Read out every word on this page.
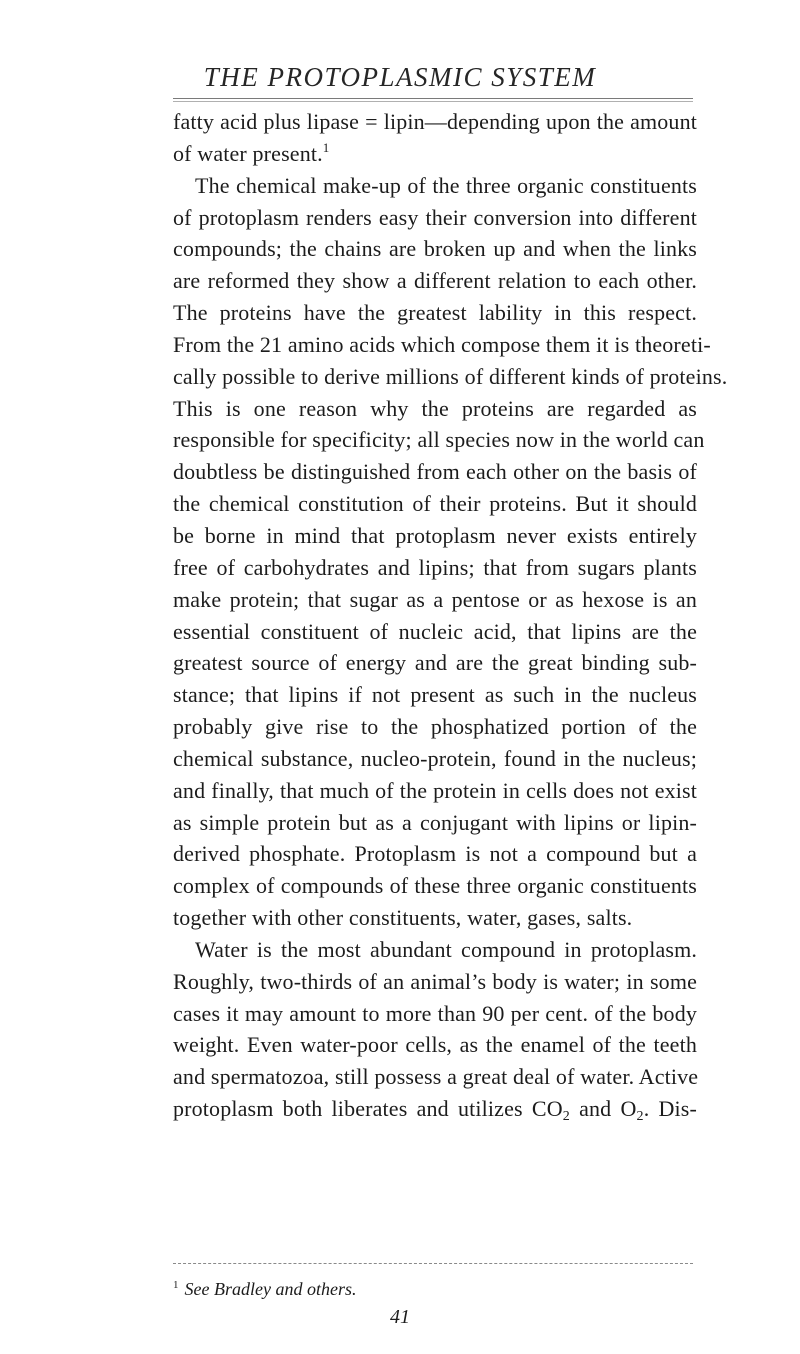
THE PROTOPLASMIC SYSTEM
fatty acid plus lipase = lipin—depending upon the amount
of water present.$^1$
The chemical make-up of the three organic constituents
of protoplasm renders easy their conversion into different
compounds; the chains are broken up and when the links
are reformed they show a different relation to each other.
The proteins have the greatest lability in this respect.
From the 21 amino acids which compose them it is theoreti-
cally possible to derive millions of different kinds of proteins.
This is one reason why the proteins are regarded as
responsible for specificity; all species now in the world can
doubtless be distinguished from each other on the basis of
the chemical constitution of their proteins. But it should
be borne in mind that protoplasm never exists entirely
free of carbohydrates and lipins; that from sugars plants
make protein; that sugar as a pentose or as hexose is an
essential constituent of nucleic acid, that lipins are the
greatest source of energy and are the great binding sub-
stance; that lipins if not present as such in the nucleus
probably give rise to the phosphatized portion of the
chemical substance, nucleo-protein, found in the nucleus;
and finally, that much of the protein in cells does not exist
as simple protein but as a conjugant with lipins or lipin-
derived phosphate. Protoplasm is not a compound but a
complex of compounds of these three organic constituents
together with other constituents, water, gases, salts.
Water is the most abundant compound in protoplasm.
Roughly, two-thirds of an animal’s body is water; in some
cases it may amount to more than 90 per cent. of the body
weight. Even water-poor cells, as the enamel of the teeth
and spermatozoa, still possess a great deal of water. Active
protoplasm both liberates and utilizes $CO_2$ and $O_2$. Dis-
$^1$ See Bradley and others.
41
